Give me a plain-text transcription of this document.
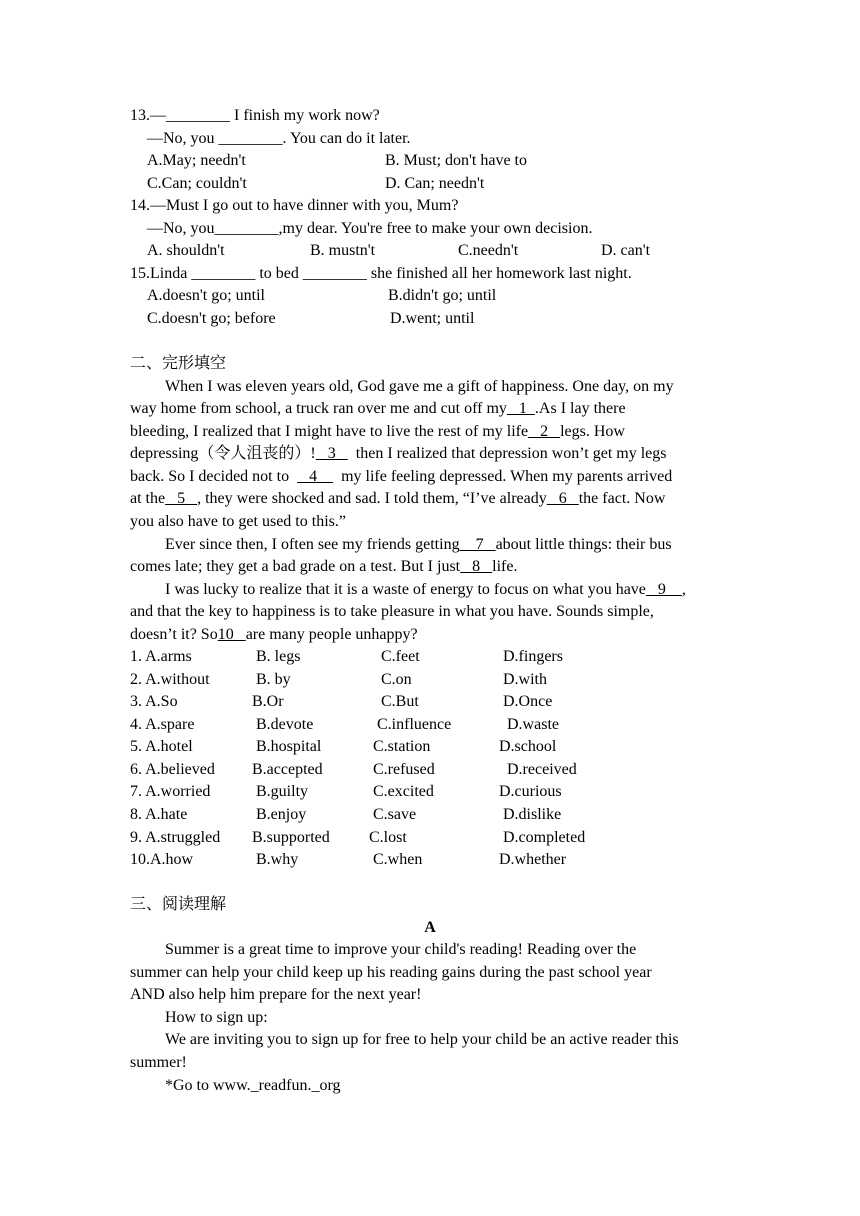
13.—________ I finish my work now?
—No, you ________. You can do it later.
A.May; needn't	B. Must; don't have to
C.Can; couldn't	D. Can; needn't
14.—Must I go out to have dinner with you, Mum?
—No, you________,my dear. You're free to make your own decision.
A. shouldn't	B. mustn't	C.needn't	D. can't
15.Linda ________ to bed ________ she finished all her homework last night.
A.doesn't go; until	B.didn't go; until
C.doesn't go; before	D.went; until
二、完形填空
When I was eleven years old, God gave me a gift of happiness. One day, on my
way home from school, a truck ran over me and cut off my   1  .As I lay there
bleeding, I realized that I might have to live the rest of my life   2   legs. How
depressing（令人沮丧的）!   3     then I realized that depression won’t get my legs
back. So I decided not to     4      my life feeling depressed. When my parents arrived
at the   5   , they were shocked and sad. I told them, “I’ve already   6   the fact. Now
you also have to get used to this.”
Ever since then, I often see my friends getting    7   about little things: their bus
comes late; they get a bad grade on a test. But I just   8   life.
I was lucky to realize that it is a waste of energy to focus on what you have   9    ,
and that the key to happiness is to take pleasure in what you have. Sounds simple,
doesn’t it? So10   are many people unhappy?
1. A.arms	B. legs	C.feet	D.fingers
2. A.without	B. by	C.on	D.with
3. A.So	B.Or	C.But	D.Once
4. A.spare	B.devote	C.influence	D.waste
5. A.hotel	B.hospital	C.station	D.school
6. A.believed B.accepted	C.refused	D.received
7. A.worried	B.guilty	C.excited	D.curious
8. A.hate	B.enjoy	C.save	D.dislike
9. A.struggled B.supported C.lost	D.completed
10.A.how	B.why	C.when	D.whether
三、阅读理解
A
Summer is a great time to improve your child's reading! Reading over the
summer can help your child keep up his reading gains during the past school year
AND also help him prepare for the next year!
How to sign up:
We are inviting you to sign up for free to help your child be an active reader this
summer!
*Go to www._readfun._org
